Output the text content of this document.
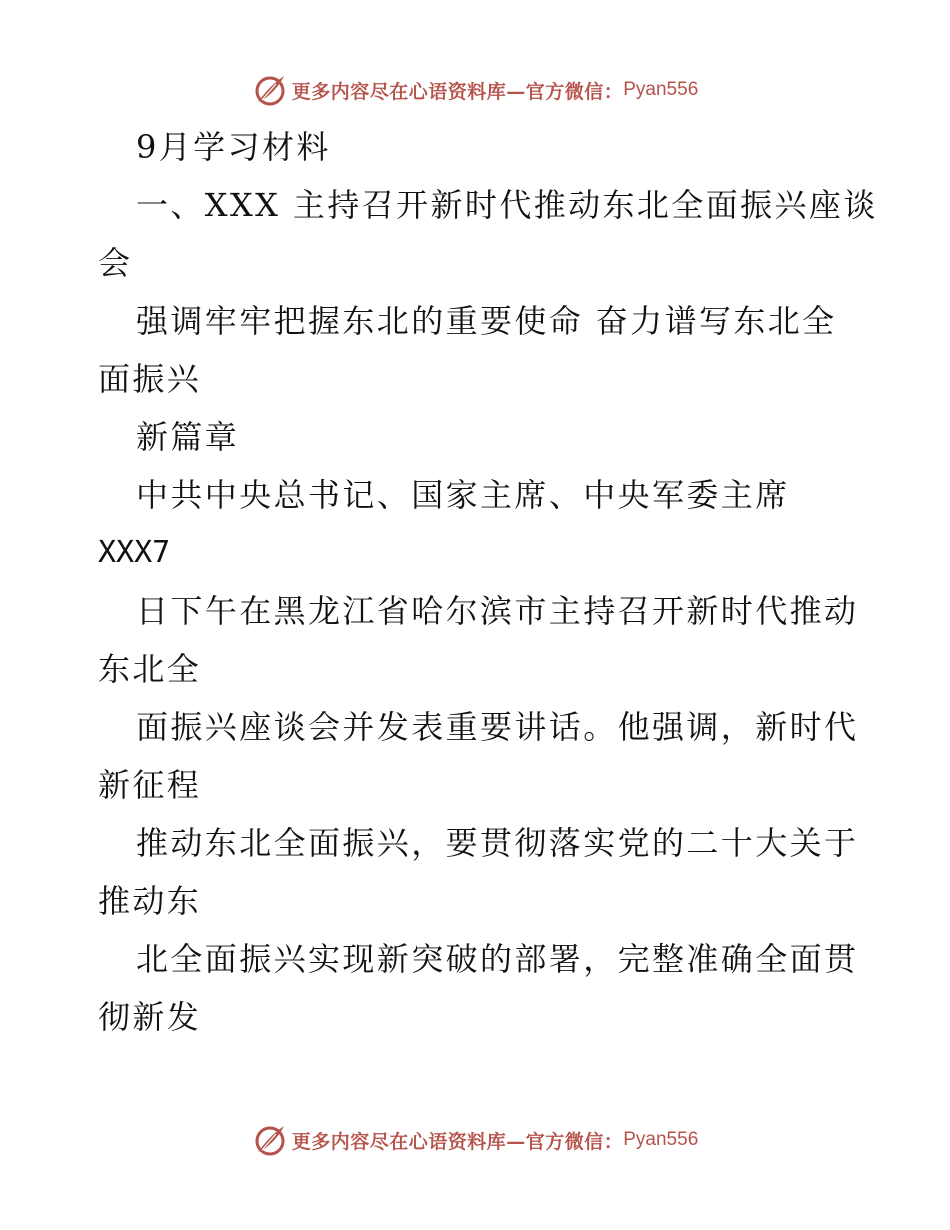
更多内容尽在心语资料库—官方微信： Pyan556
9月学习材料
一、XXX 主持召开新时代推动东北全面振兴座谈
会
强调牢牢把握东北的重要使命 奋力谱写东北全
面振兴
新篇章
中共中央总书记、国家主席、中央军委主席
XXX7
日下午在黑龙江省哈尔滨市主持召开新时代推动
东北全
面振兴座谈会并发表重要讲话。他强调，新时代
新征程
推动东北全面振兴，要贯彻落实党的二十大关于
推动东
北全面振兴实现新突破的部署，完整准确全面贯
彻新发
更多内容尽在心语资料库—官方微信： Pyan556
